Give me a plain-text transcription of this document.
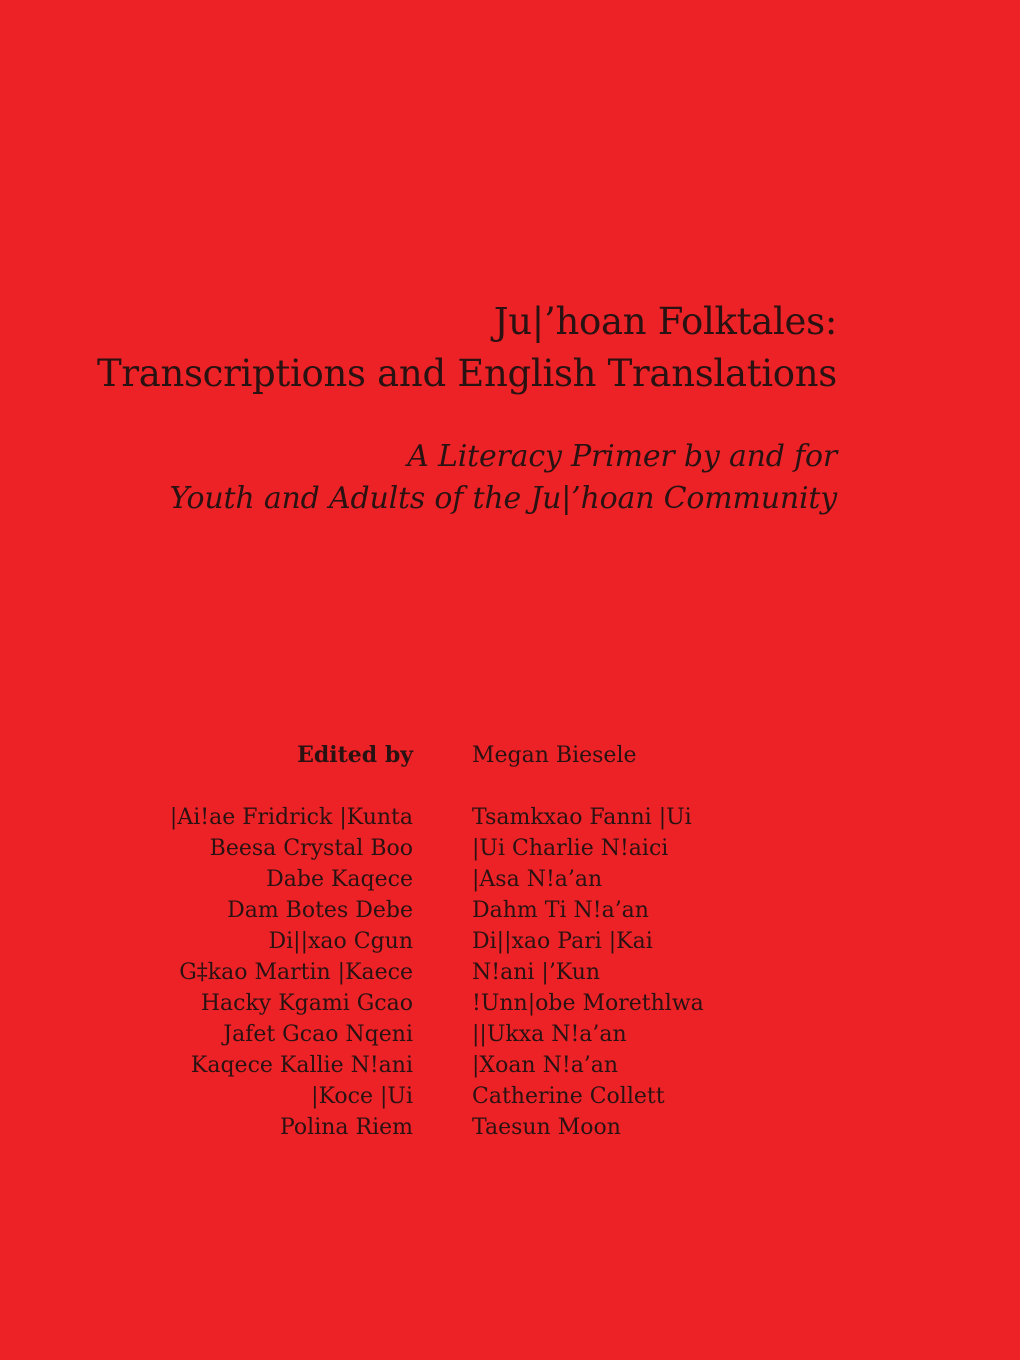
Ju|’hoan Folktales:
Transcriptions and English Translations
A Literacy Primer by and for
Youth and Adults of the Ju|’hoan Community
Edited by	Megan Biesele
|Ai!ae Fridrick |Kunta	Tsamkxao Fanni |Ui
Beesa Crystal Boo	|Ui Charlie N!aici
Dabe Kaqece	|Asa N!a’an
Dam Botes Debe	Dahm Ti N!a’an
Di||xao Cgun	Di||xao Pari |Kai
G‡kao Martin |Kaece	N!ani |’Kun
Hacky Kgami Gcao	!Unn|obe Morethlwa
Jafet Gcao Nqeni	||Ukxa N!a’an
Kaqece Kallie N!ani	|Xoan N!a’an
|Koce |Ui	Catherine Collett
Polina Riem	Taesun Moon
